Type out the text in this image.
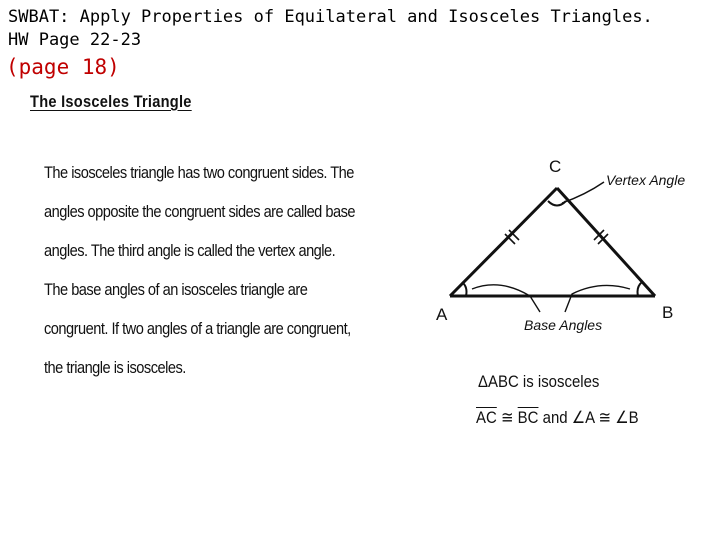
SWBAT: Apply Properties of Equilateral and Isosceles Triangles.

HW Page 22-23

(page 18)

The Isosceles Triangle
The isosceles triangle has two congruent sides. The
angles opposite the congruent sides are called base
angles. The third angle is called the vertex angle.
The base angles of an isosceles triangle are
congruent. If two angles of a triangle are congruent,
the triangle is isosceles.
C
A	B
Vertex Angle
Base Angles

ΔABC is isosceles

$\overline{AC}$ ≅ $\overline{BC}$ and ∠A ≅ ∠B
